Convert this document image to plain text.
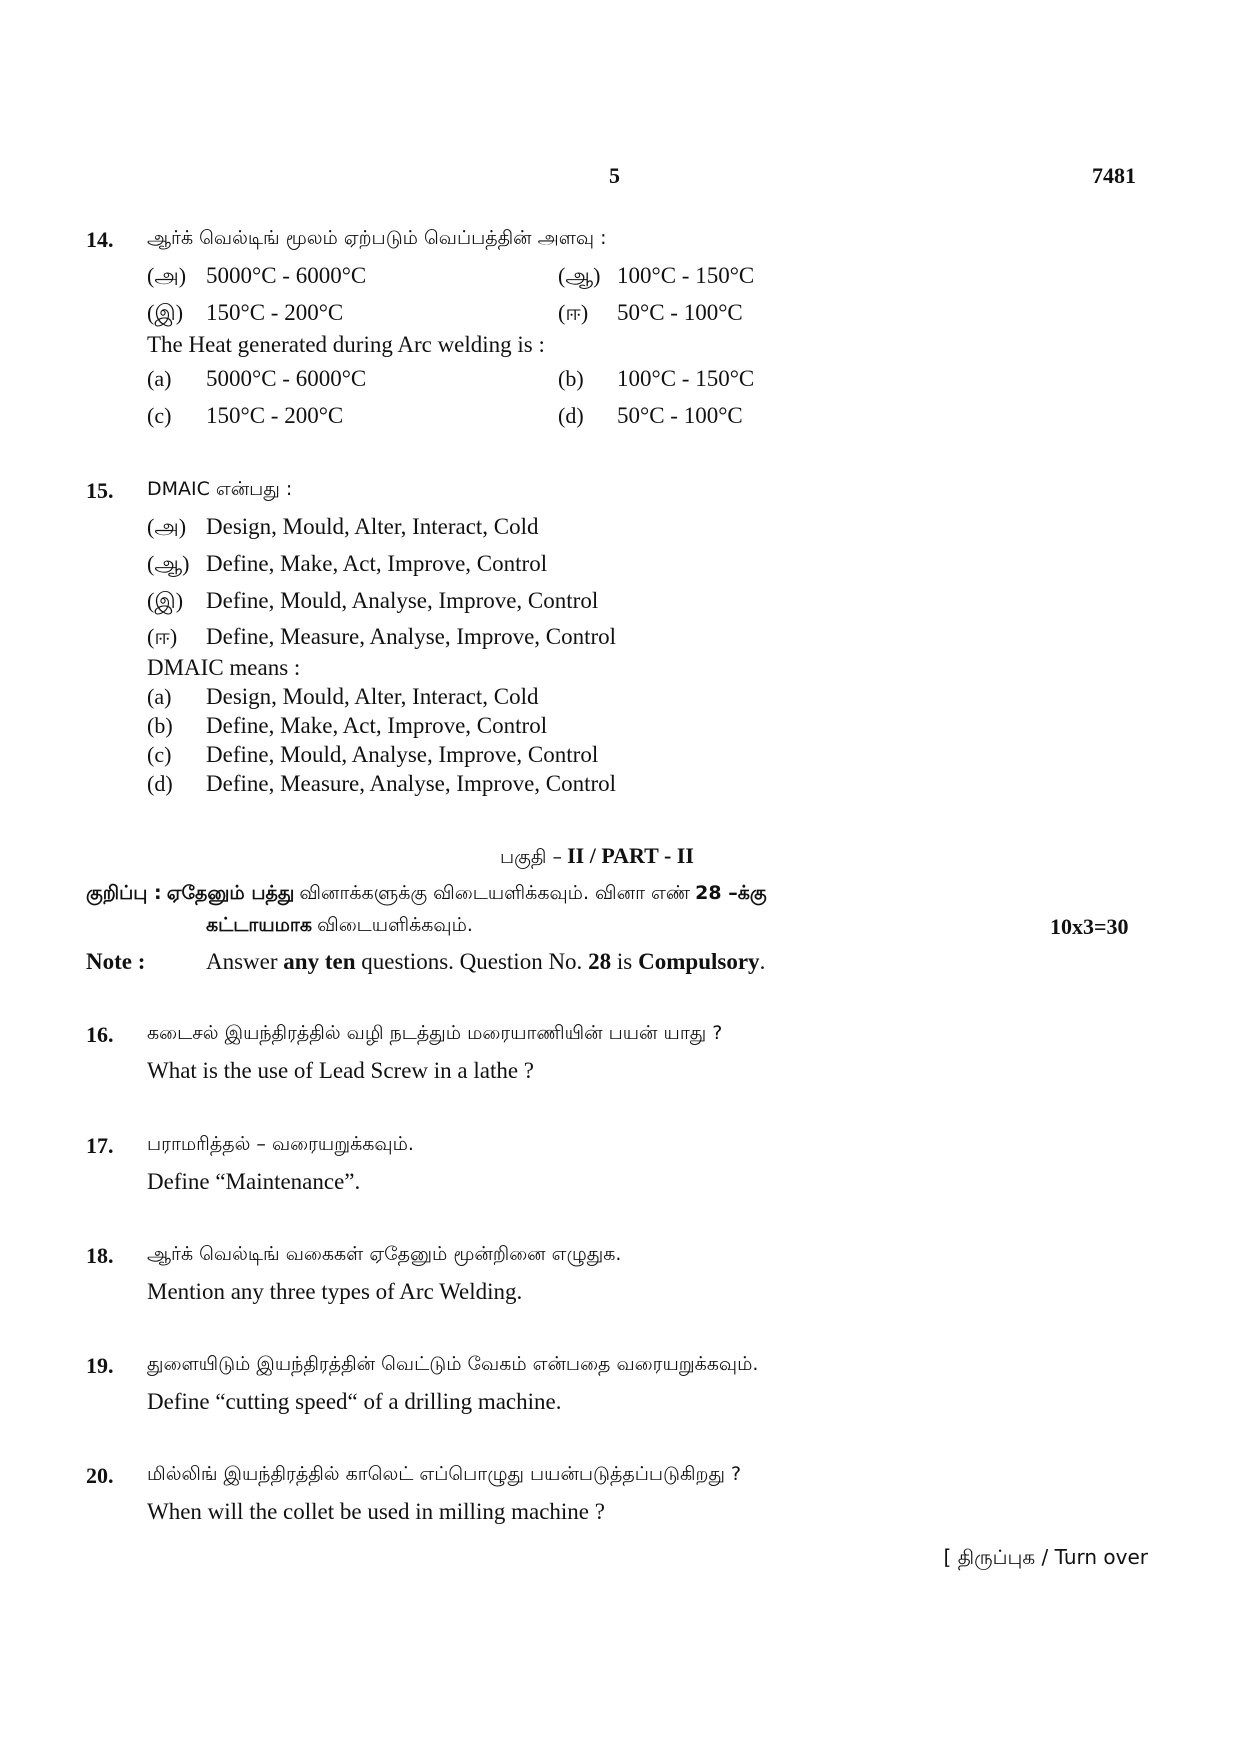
5	7481
14. ஆர்க் வெல்டிங் மூலம் ஏற்படும் வெப்பத்தின் அளவு :
(அ) 5000°C - 6000°C	(ஆ) 100°C - 150°C
(இ) 150°C - 200°C	(ஈ) 50°C - 100°C
The Heat generated during Arc welding is :
(a) 5000°C - 6000°C	(b) 100°C - 150°C
(c) 150°C - 200°C	(d) 50°C - 100°C
15. DMAIC என்பது :
(அ) Design, Mould, Alter, Interact, Cold
(ஆ) Define, Make, Act, Improve, Control
(இ) Define, Mould, Analyse, Improve, Control
(ஈ) Define, Measure, Analyse, Improve, Control
DMAIC means :
(a) Design, Mould, Alter, Interact, Cold
(b) Define, Make, Act, Improve, Control
(c) Define, Mould, Analyse, Improve, Control
(d) Define, Measure, Analyse, Improve, Control
பகுதி – II / PART - II
குறிப்பு : ஏதேனும் பத்து வினாக்களுக்கு விடையளிக்கவும். வினா எண் 28 –க்கு
கட்டாயமாக விடையளிக்கவும்.	10x3=30
Note :	Answer any ten questions. Question No. 28 is Compulsory.
16. கடைசல் இயந்திரத்தில் வழி நடத்தும் மரையாணியின் பயன் யாது ?
What is the use of Lead Screw in a lathe ?
17. பராமரித்தல் – வரையறுக்கவும்.
Define “Maintenance”.
18. ஆர்க் வெல்டிங் வகைகள் ஏதேனும் மூன்றினை எழுதுக.
Mention any three types of Arc Welding.
19. துளையிடும் இயந்திரத்தின் வெட்டும் வேகம் என்பதை வரையறுக்கவும்.
Define “cutting speed“ of a drilling machine.
20. மில்லிங் இயந்திரத்தில் காலெட் எப்பொழுது பயன்படுத்தப்படுகிறது ?
When will the collet be used in milling machine ?
[ திருப்புக / Turn over
